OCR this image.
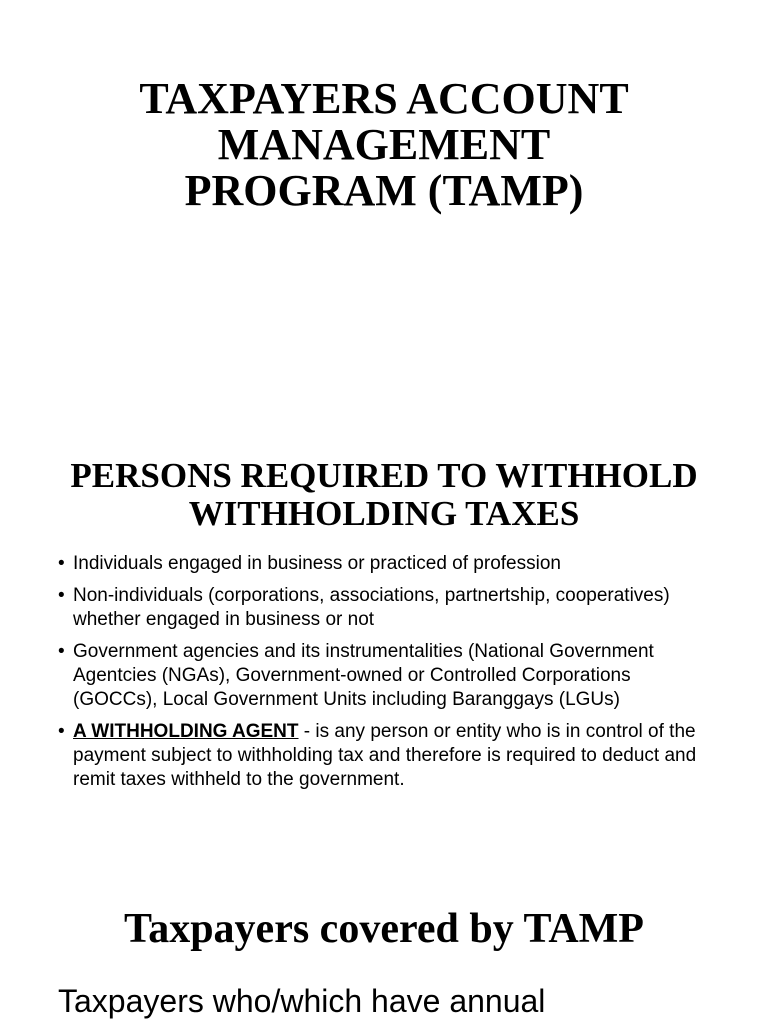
TAXPAYERS ACCOUNT
MANAGEMENT
PROGRAM (TAMP)
PERSONS REQUIRED TO WITHHOLD
WITHHOLDING TAXES
• Individuals engaged in business or practiced of profession
• Non-individuals (corporations, associations, partnertship, cooperatives) whether engaged in business or not
• Government agencies and its instrumentalities (National Government Agentcies (NGAs), Government-owned or Controlled Corporations (GOCCs), Local Government Units including Baranggays (LGUs)
• A WITHHOLDING AGENT - is any person or entity who is in control of the payment subject to withholding tax and therefore is required to deduct and remit taxes withheld to the government.
Taxpayers covered by TAMP

Taxpayers who/which have annual
